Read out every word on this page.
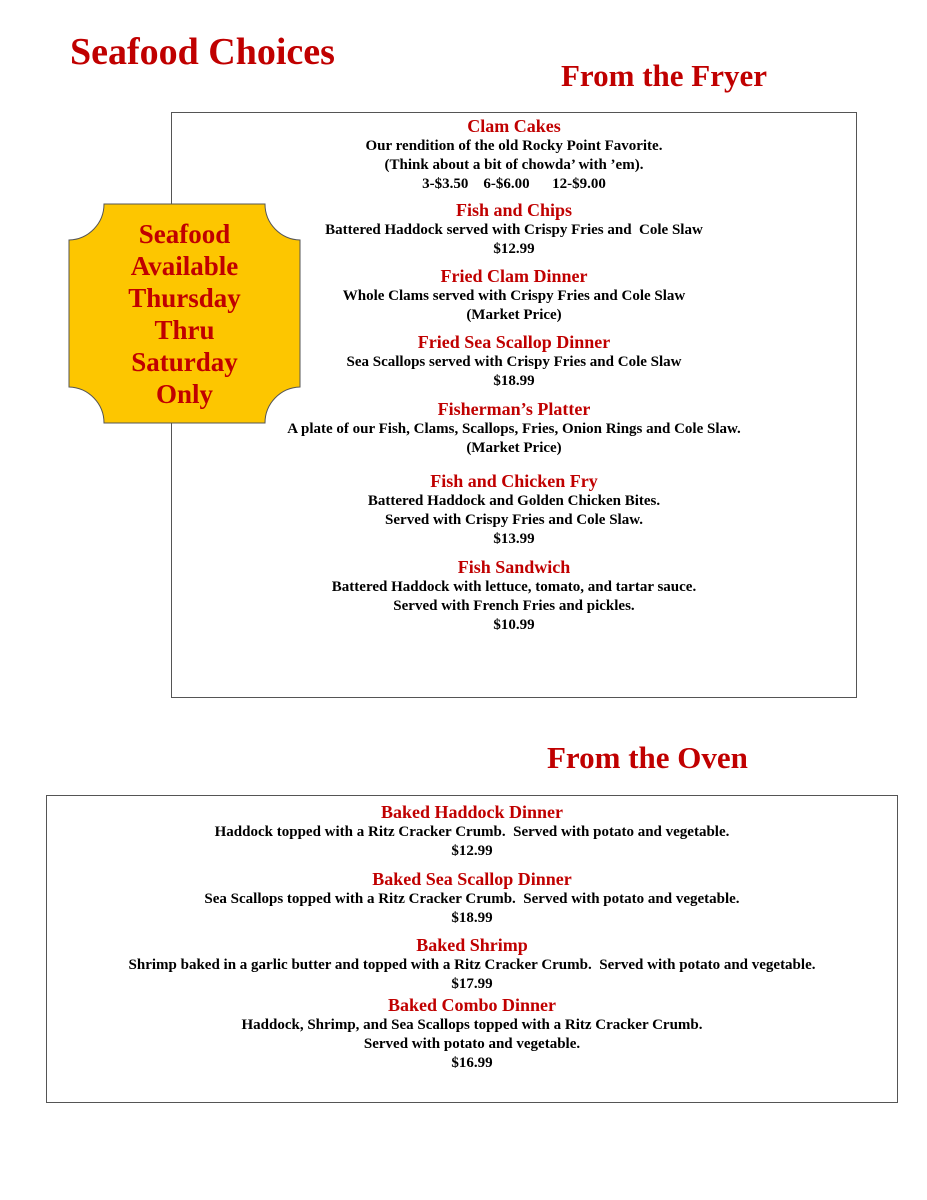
Seafood Choices
From the Fryer
Clam Cakes
Our rendition of the old Rocky Point Favorite.
(Think about a bit of chowda’ with ’em).
3-$3.50    6-$6.00      12-$9.00
Fish and Chips
Battered Haddock served with Crispy Fries and  Cole Slaw
$12.99
Fried Clam Dinner
Whole Clams served with Crispy Fries and Cole Slaw
(Market Price)
Fried Sea Scallop Dinner
Sea Scallops served with Crispy Fries and Cole Slaw
$18.99
Fisherman’s Platter
A plate of our Fish, Clams, Scallops, Fries, Onion Rings and Cole Slaw.
(Market Price)
Fish and Chicken Fry
Battered Haddock and Golden Chicken Bites.
Served with Crispy Fries and Cole Slaw.
$13.99
Fish Sandwich
Battered Haddock with lettuce, tomato, and tartar sauce.
Served with French Fries and pickles.
$10.99
Seafood
Available
Thursday
Thru
Saturday
Only
From the Oven
Baked Haddock Dinner
Haddock topped with a Ritz Cracker Crumb.  Served with potato and vegetable.
$12.99
Baked Sea Scallop Dinner
Sea Scallops topped with a Ritz Cracker Crumb.  Served with potato and vegetable.
$18.99
Baked Shrimp
Shrimp baked in a garlic butter and topped with a Ritz Cracker Crumb.  Served with potato and vegetable.
$17.99
Baked Combo Dinner
Haddock, Shrimp, and Sea Scallops topped with a Ritz Cracker Crumb.
Served with potato and vegetable.
$16.99
